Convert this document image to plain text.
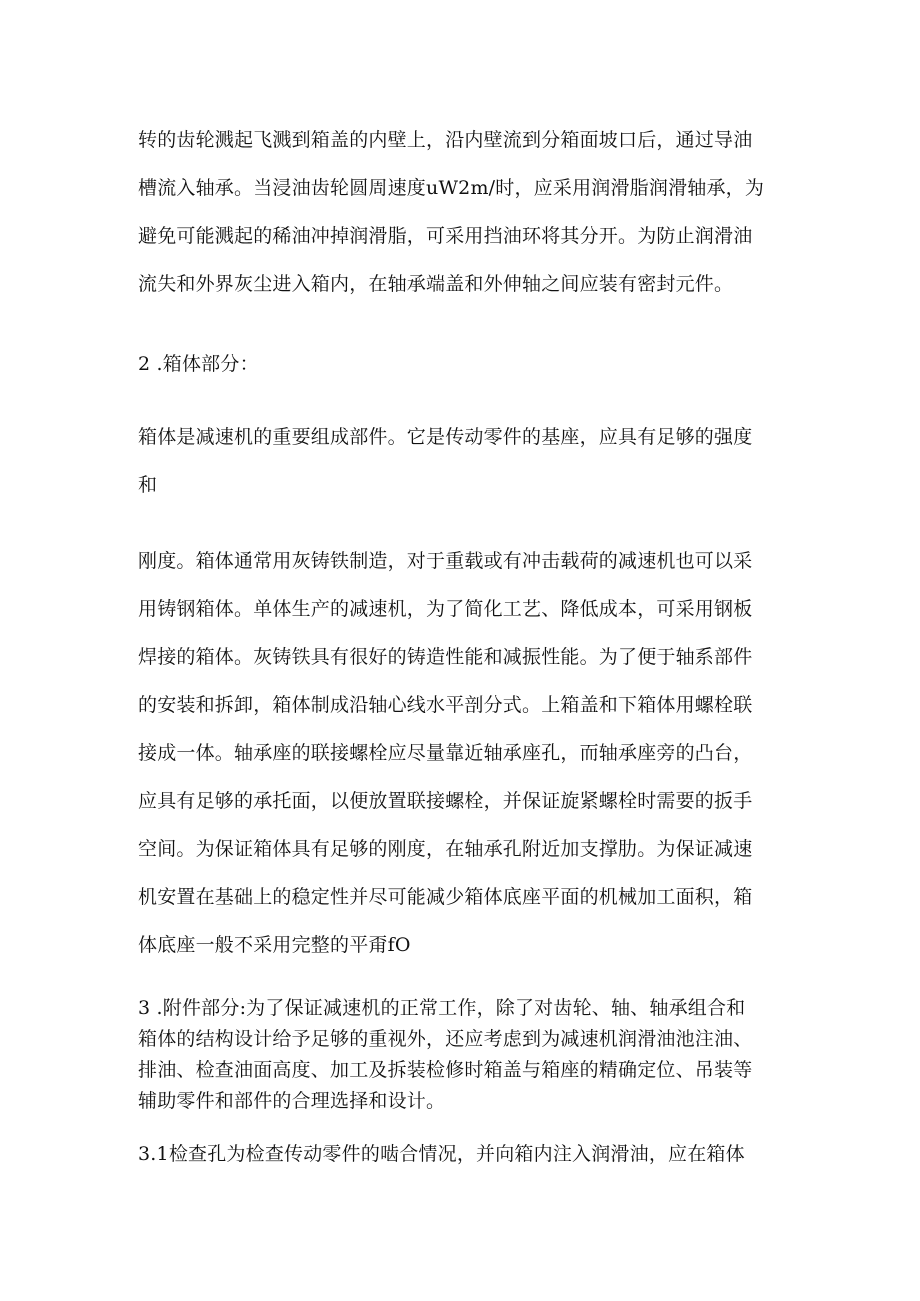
转的齿轮溅起飞溅到箱盖的内壁上，沿内壁流到分箱面坡口后，通过导油
槽流入轴承。当浸油齿轮圆周速度uW2m∕时，应采用润滑脂润滑轴承，为
避免可能溅起的稀油冲掉润滑脂，可采用挡油环将其分开。为防止润滑油
流失和外界灰尘进入箱内，在轴承端盖和外伸轴之间应装有密封元件。
2 .箱体部分：
箱体是减速机的重要组成部件。它是传动零件的基座，应具有足够的强度
和
刚度。箱体通常用灰铸铁制造，对于重载或有冲击载荷的减速机也可以采
用铸钢箱体。单体生产的减速机，为了简化工艺、降低成本，可采用钢板
焊接的箱体。灰铸铁具有很好的铸造性能和减振性能。为了便于轴系部件
的安装和拆卸，箱体制成沿轴心线水平剖分式。上箱盖和下箱体用螺栓联
接成一体。轴承座的联接螺栓应尽量靠近轴承座孔，而轴承座旁的凸台，
应具有足够的承托面，以便放置联接螺栓，并保证旋紧螺栓时需要的扳手
空间。为保证箱体具有足够的刚度，在轴承孔附近加支撑肋。为保证减速
机安置在基础上的稳定性并尽可能减少箱体底座平面的机械加工面积，箱
体底座一般不采用完整的平甭fO
3 .附件部分:为了保证减速机的正常工作，除了对齿轮、轴、轴承组合和
箱体的结构设计给予足够的重视外，还应考虑到为减速机润滑油池注油、
排油、检查油面高度、加工及拆装检修时箱盖与箱座的精确定位、吊装等
辅助零件和部件的合理选择和设计。
3.1检查孔为检查传动零件的啮合情况，并向箱内注入润滑油，应在箱体
